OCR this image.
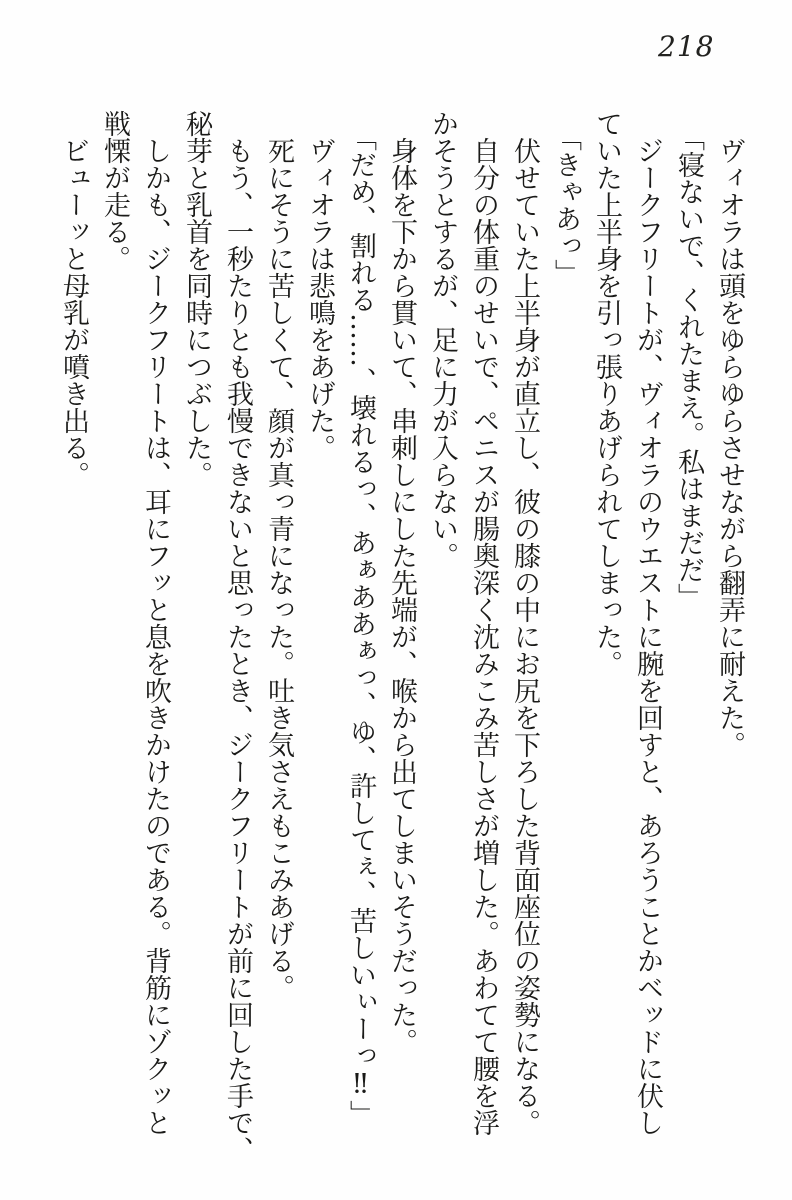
218

ヴィオラは頭をゆらゆらさせながら翻弄に耐えた。

「寝ないで、くれたまえ。私はまだだ」

ジークフリートが、ヴィオラのウエストに腕を回すと、あろうことかベッドに伏し

ていた上半身を引っ張りあげられてしまった。

「きゃあっ」

伏せていた上半身が直立し、彼の膝の中にお尻を下ろした背面座位の姿勢になる。

自分の体重のせいで、ペニスが腸奥深く沈みこみ苦しさが増した。あわてて腰を浮

かそうとするが、足に力が入らない。

身体を下から貫いて、串刺しにした先端が、喉から出てしまいそうだった。

「だめ、割れる……、壊れるっ、あぁああぁっ、ゆ、許してぇ、苦しいぃーっ‼」

ヴィオラは悲鳴をあげた。

死にそうに苦しくて、顔が真っ青になった。吐き気さえもこみあげる。

もう、一秒たりとも我慢できないと思ったとき、ジークフリートが前に回した手で、

秘芽と乳首を同時につぶした。

しかも、ジークフリートは、耳にフッと息を吹きかけたのである。背筋にゾクッと

戦慄が走る。

ビューッと母乳が噴き出る。
